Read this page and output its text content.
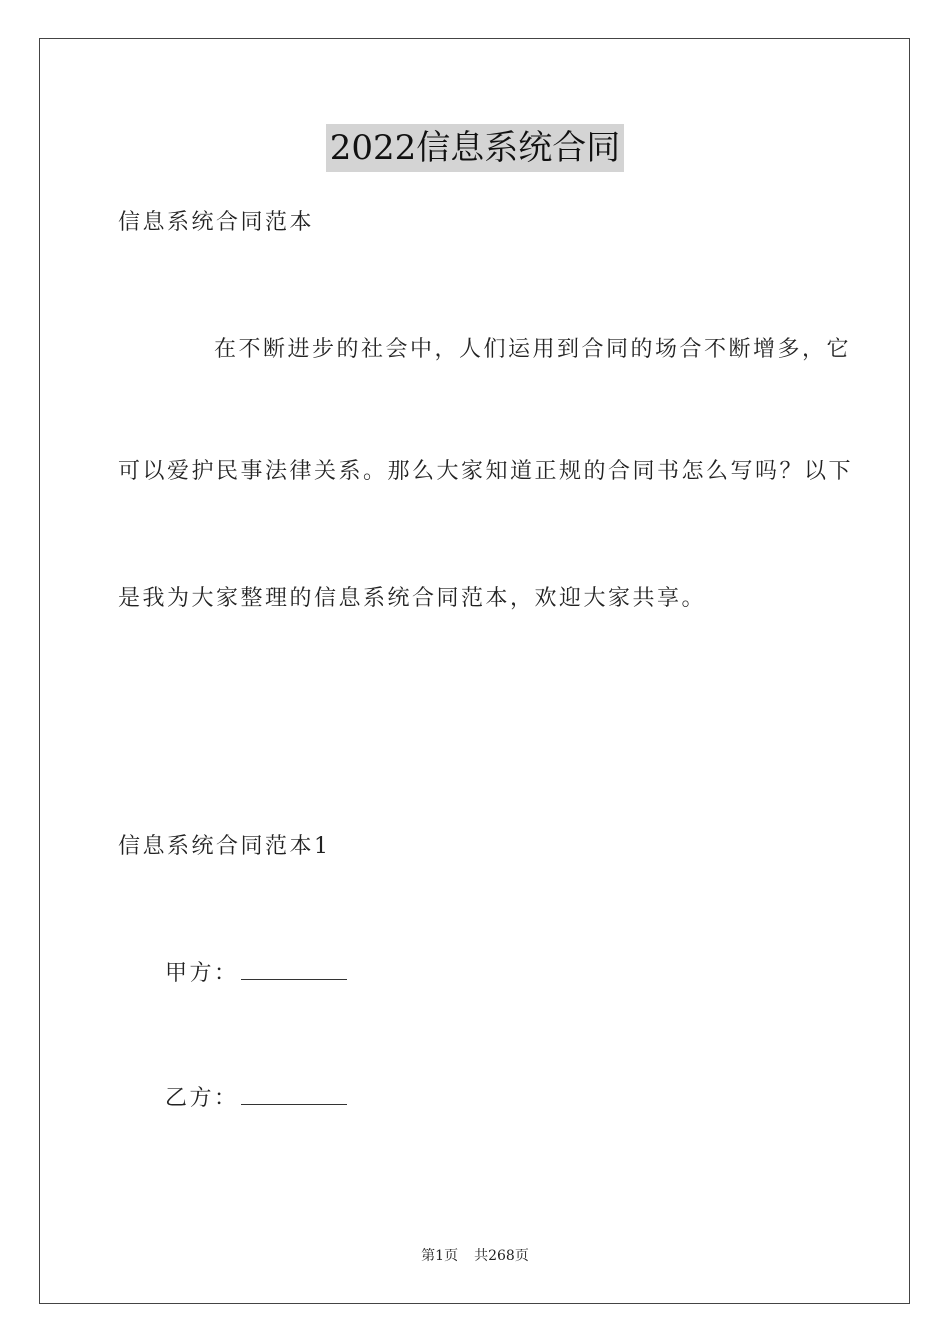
2022信息系统合同

信息系统合同范本

在不断进步的社会中，人们运用到合同的场合不断增多，它

可以爱护民事法律关系。那么大家知道正规的合同书怎么写吗？以下

是我为大家整理的信息系统合同范本，欢迎大家共享。

信息系统合同范本1

甲方：

乙方：

第1页 共268页
